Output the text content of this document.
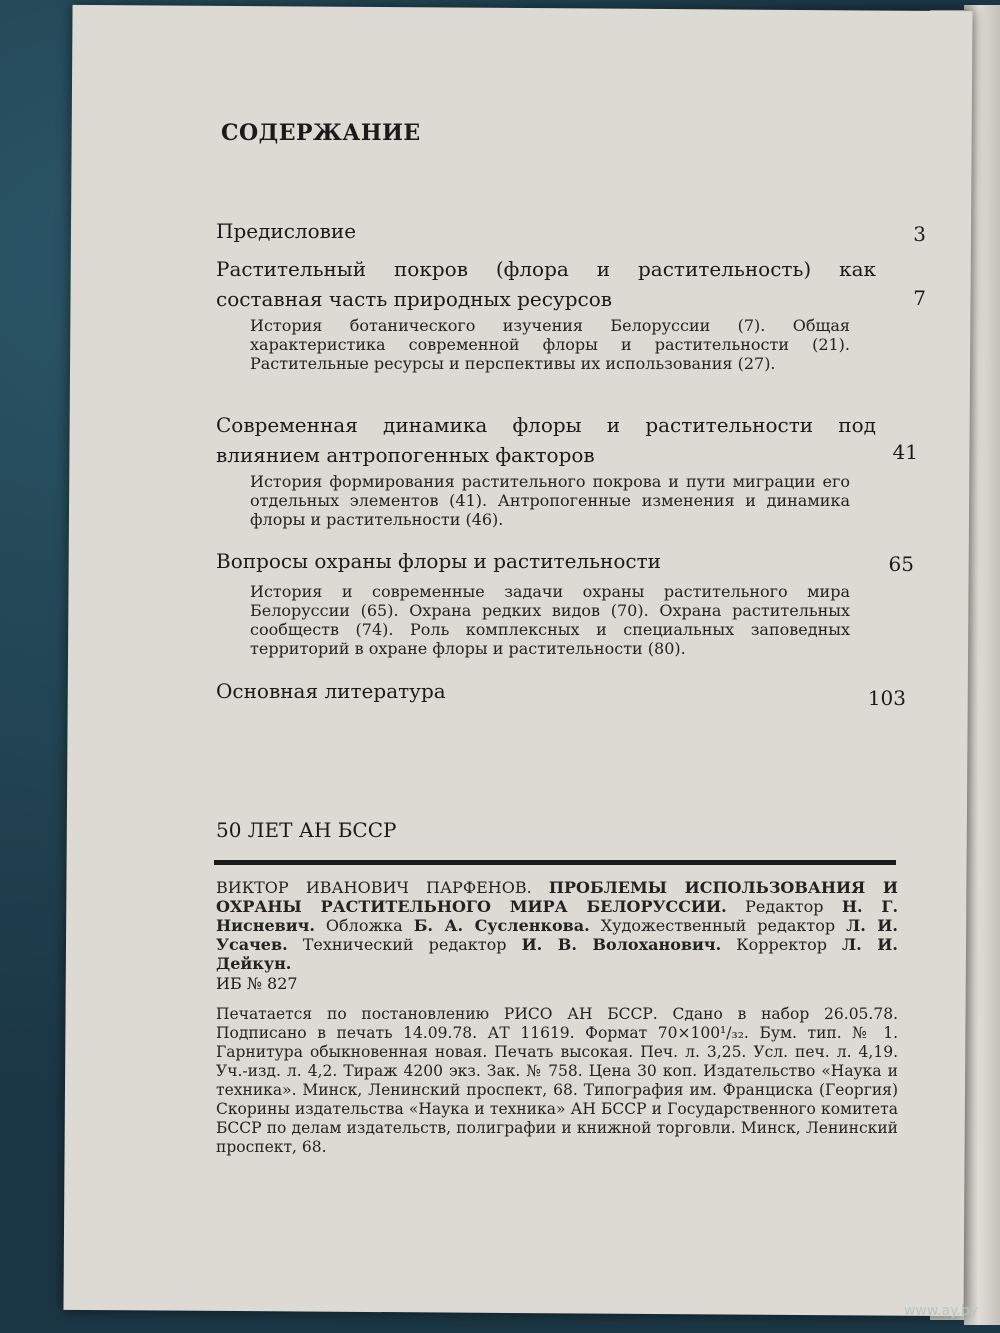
СОДЕРЖАНИЕ
Предисловие	3
Растительный покров (флора и растительность) как
составная часть природных ресурсов	7
История ботанического изучения Белоруссии (7). Общая характеристика современной флоры и растительности (21). Растительные ресурсы и перспективы их использования (27).
Современная динамика флоры и растительности под
влиянием антропогенных факторов	41
История формирования растительного покрова и пути миграции его отдельных элементов (41). Антропогенные изменения и динамика флоры и растительности (46).
Вопросы охраны флоры и растительности	65
История и современные задачи охраны растительного мира Белоруссии (65). Охрана редких видов (70). Охрана растительных сообществ (74). Роль комплексных и специальных заповедных территорий в охране флоры и растительности (80).
Основная литература	103
50 ЛЕТ АН БССР
ВИКТОР ИВАНОВИЧ ПАРФЕНОВ. ПРОБЛЕМЫ ИСПОЛЬЗОВАНИЯ И ОХРАНЫ РАСТИТЕЛЬНОГО МИРА БЕЛОРУССИИ. Редактор Н. Г. Нисневич. Обложка Б. А. Сусленкова. Художественный редактор Л. И. Усачев. Технический редактор И. В. Волоханович. Корректор Л. И. Дейкун.
ИБ № 827
Печатается по постановлению РИСО АН БССР. Сдано в набор 26.05.78. Подписано в печать 14.09.78. АТ 11619. Формат 70×100¹/₃₂. Бум. тип. № 1. Гарнитура обыкновенная новая. Печать высокая. Печ. л. 3,25. Усл. печ. л. 4,19. Уч.-изд. л. 4,2. Тираж 4200 экз. Зак. № 758. Цена 30 коп. Издательство «Наука и техника». Минск, Ленинский проспект, 68. Типография им. Франциска (Георгия) Скорины издательства «Наука и техника» АН БССР и Государственного комитета БССР по делам издательств, полиграфии и книжной торговли. Минск, Ленинский проспект, 68.
www.ay.by
